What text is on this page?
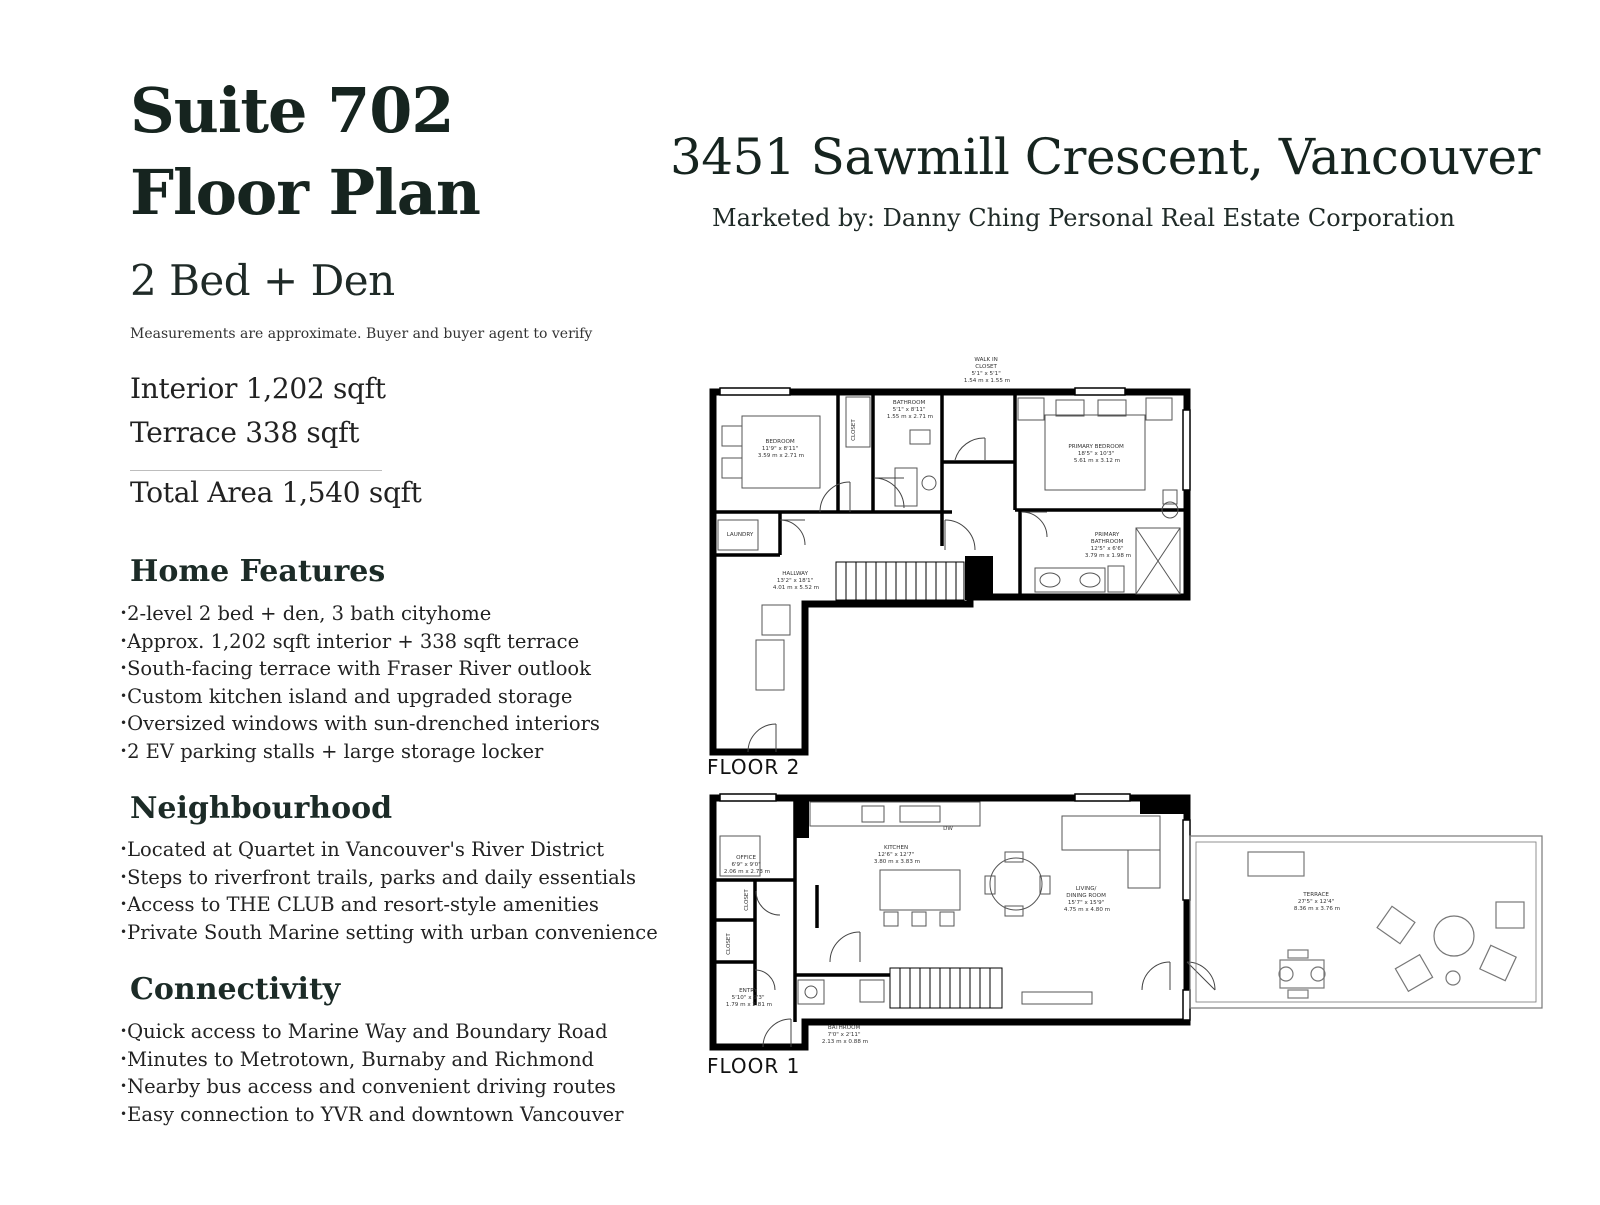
Suite 702
Floor Plan
2 Bed + Den
Measurements are approximate. Buyer and buyer agent to verify
Interior 1,202 sqft
Terrace 338 sqft
Total Area 1,540 sqft
Home Features
• 2-level 2 bed + den, 3 bath cityhome
• Approx. 1,202 sqft interior + 338 sqft terrace
• South-facing terrace with Fraser River outlook
• Custom kitchen island and upgraded storage
• Oversized windows with sun-drenched interiors
• 2 EV parking stalls + large storage locker
Neighbourhood
• Located at Quartet in Vancouver's River District
• Steps to riverfront trails, parks and daily essentials
• Access to THE CLUB and resort-style amenities
• Private South Marine setting with urban convenience
Connectivity
• Quick access to Marine Way and Boundary Road
• Minutes to Metrotown, Burnaby and Richmond
• Nearby bus access and convenient driving routes
• Easy connection to YVR and downtown Vancouver
3451 Sawmill Crescent, Vancouver
Marketed by: Danny Ching Personal Real Estate Corporation
WALK IN CLOSET 5'1" x 5'1" 1.54 m x 1.55 m
BEDROOM 11'9" x 8'11" 3.59 m x 2.71 m
CLOSET
BATHROOM 5'1" x 8'11" 1.55 m x 2.71 m
PRIMARY BEDROOM 18'5" x 10'3" 5.61 m x 3.12 m
LAUNDRY
HALLWAY 13'2" x 18'1" 4.01 m x 5.52 m
PRIMARY BATHROOM 12'5" x 6'6" 3.79 m x 1.98 m
DW
OFFICE 6'9" x 9'0" 2.06 m x 2.73 m
KITCHEN 12'6" x 12'7" 3.80 m x 3.83 m
LIVING/ DINING ROOM 15'7" x 15'9" 4.75 m x 4.80 m
TERRACE 27'5" x 12'4" 8.36 m x 3.76 m
CLOSET
CLOSET
ENTRY 5'10" x 9'3" 1.79 m x 2.81 m
BATHROOM 7'0" x 2'11" 2.13 m x 0.88 m
FLOOR 2
FLOOR 1
